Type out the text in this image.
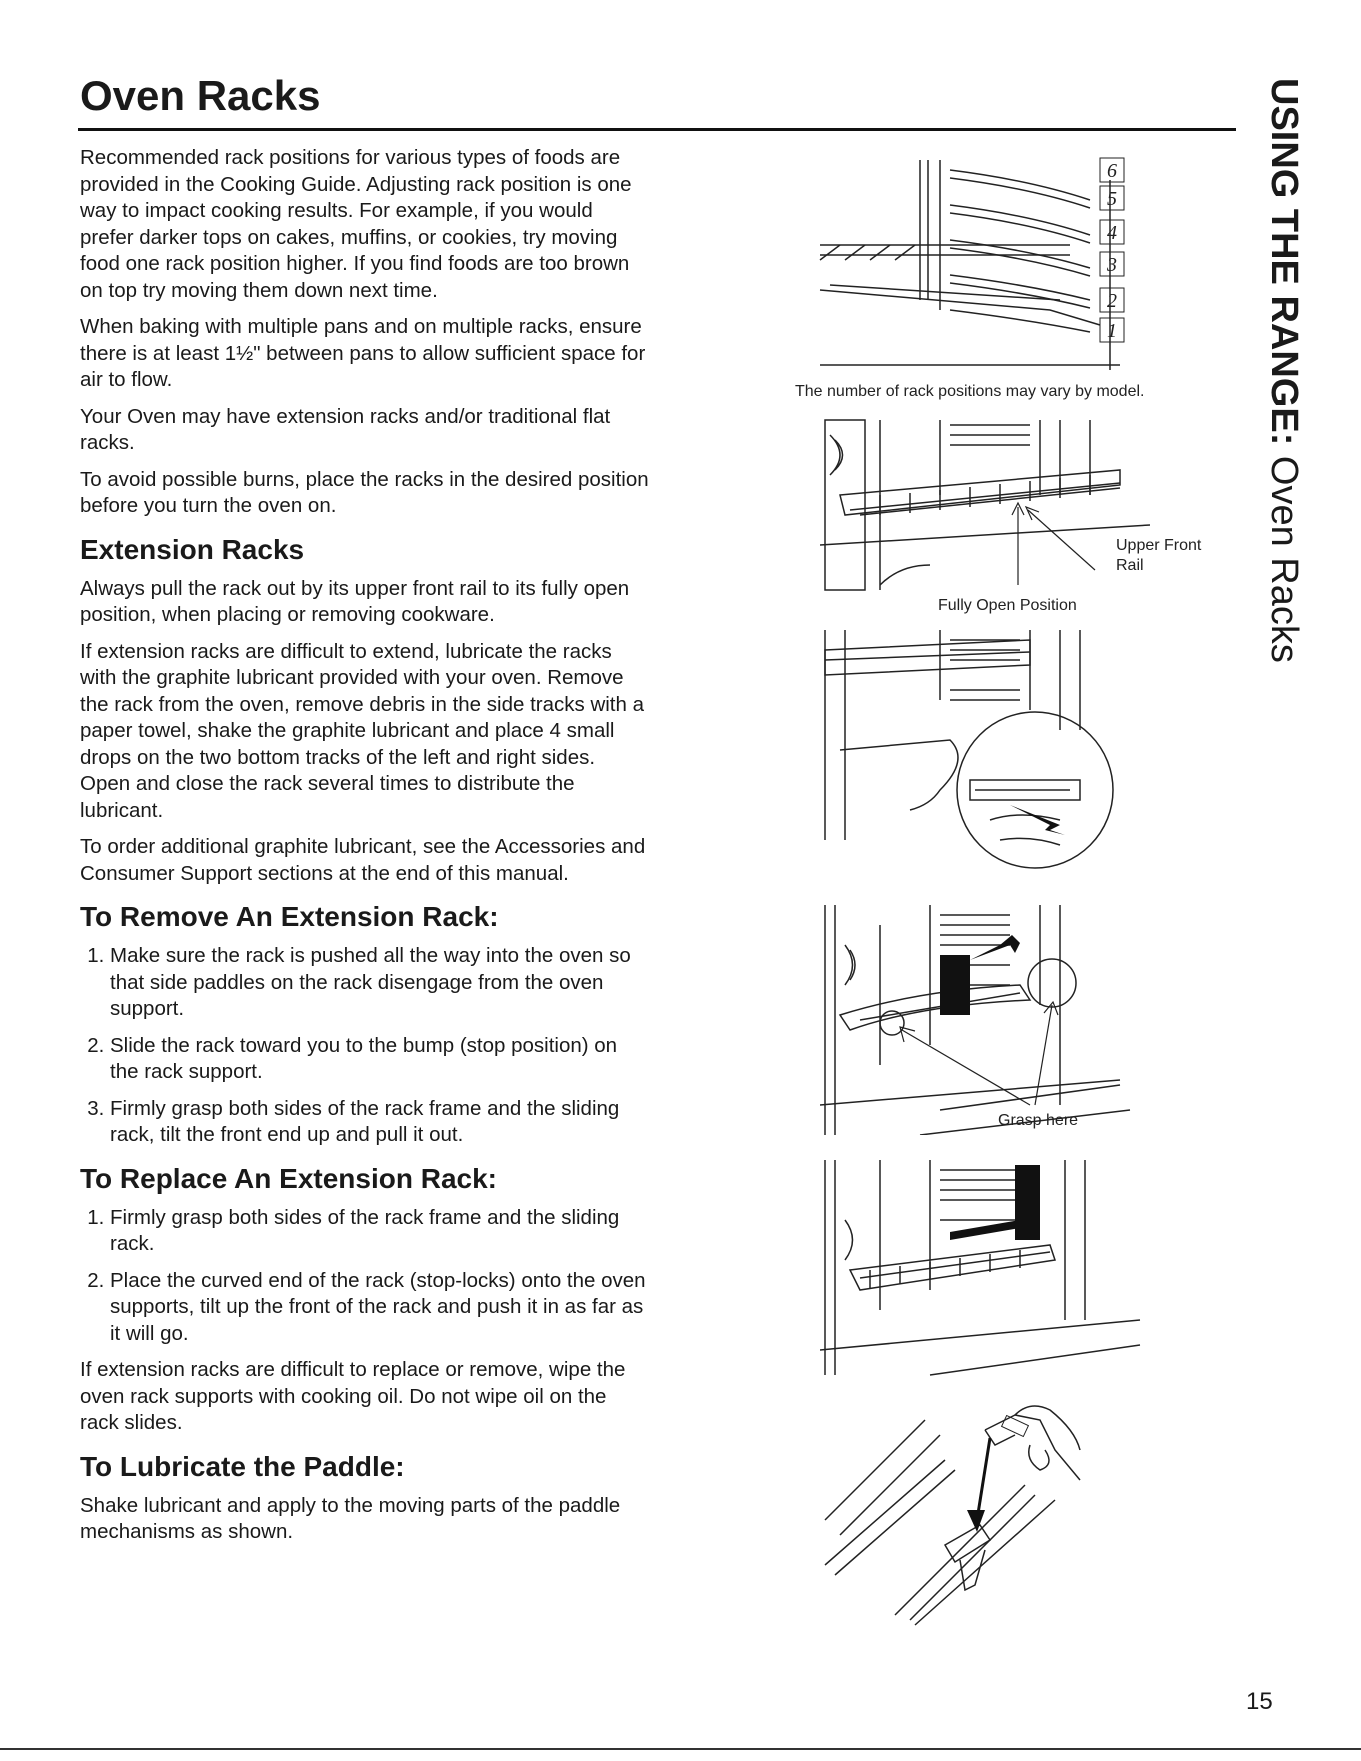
Oven Racks	USING THE RANGE: Oven Racks

Recommended rack positions for various types of foods are provided in the Cooking Guide. Adjusting rack position is one way to impact cooking results. For example, if you would prefer darker tops on cakes, muffins, or cookies, try moving food one rack position higher. If you find foods are too brown on top try moving them down next time.

When baking with multiple pans and on multiple racks, ensure there is at least 1½" between pans to allow sufficient space for air to flow.

Your Oven may have extension racks and/or traditional flat racks.

To avoid possible burns, place the racks in the desired position before you turn the oven on.

Extension Racks

Always pull the rack out by its upper front rail to its fully open position, when placing or removing cookware.

If extension racks are difficult to extend, lubricate the racks with the graphite lubricant provided with your oven. Remove the rack from the oven, remove debris in the side tracks with a paper towel, shake the graphite lubricant and place 4 small drops on the two bottom tracks of the left and right sides. Open and close the rack several times to distribute the lubricant.

To order additional graphite lubricant, see the Accessories and Consumer Support sections at the end of this manual.

To Remove An Extension Rack:
1. Make sure the rack is pushed all the way into the oven so that side paddles on the rack disengage from the oven support.
2. Slide the rack toward you to the bump (stop position) on the rack support.
3. Firmly grasp both sides of the rack frame and the sliding rack, tilt the front end up and pull it out.
To Replace An Extension Rack:
1. Firmly grasp both sides of the rack frame and the sliding rack.
2. Place the curved end of the rack (stop-locks) onto the oven supports, tilt up the front of the rack and push it in as far as it will go.

If extension racks are difficult to replace or remove, wipe the oven rack supports with cooking oil. Do not wipe oil on the rack slides.

To Lubricate the Paddle:

Shake lubricant and apply to the moving parts of the paddle mechanisms as shown.

6
5
4
3
2
1
The number of rack positions may vary by model.
Upper Front
Rail
Fully Open Position
Grasp here
15
